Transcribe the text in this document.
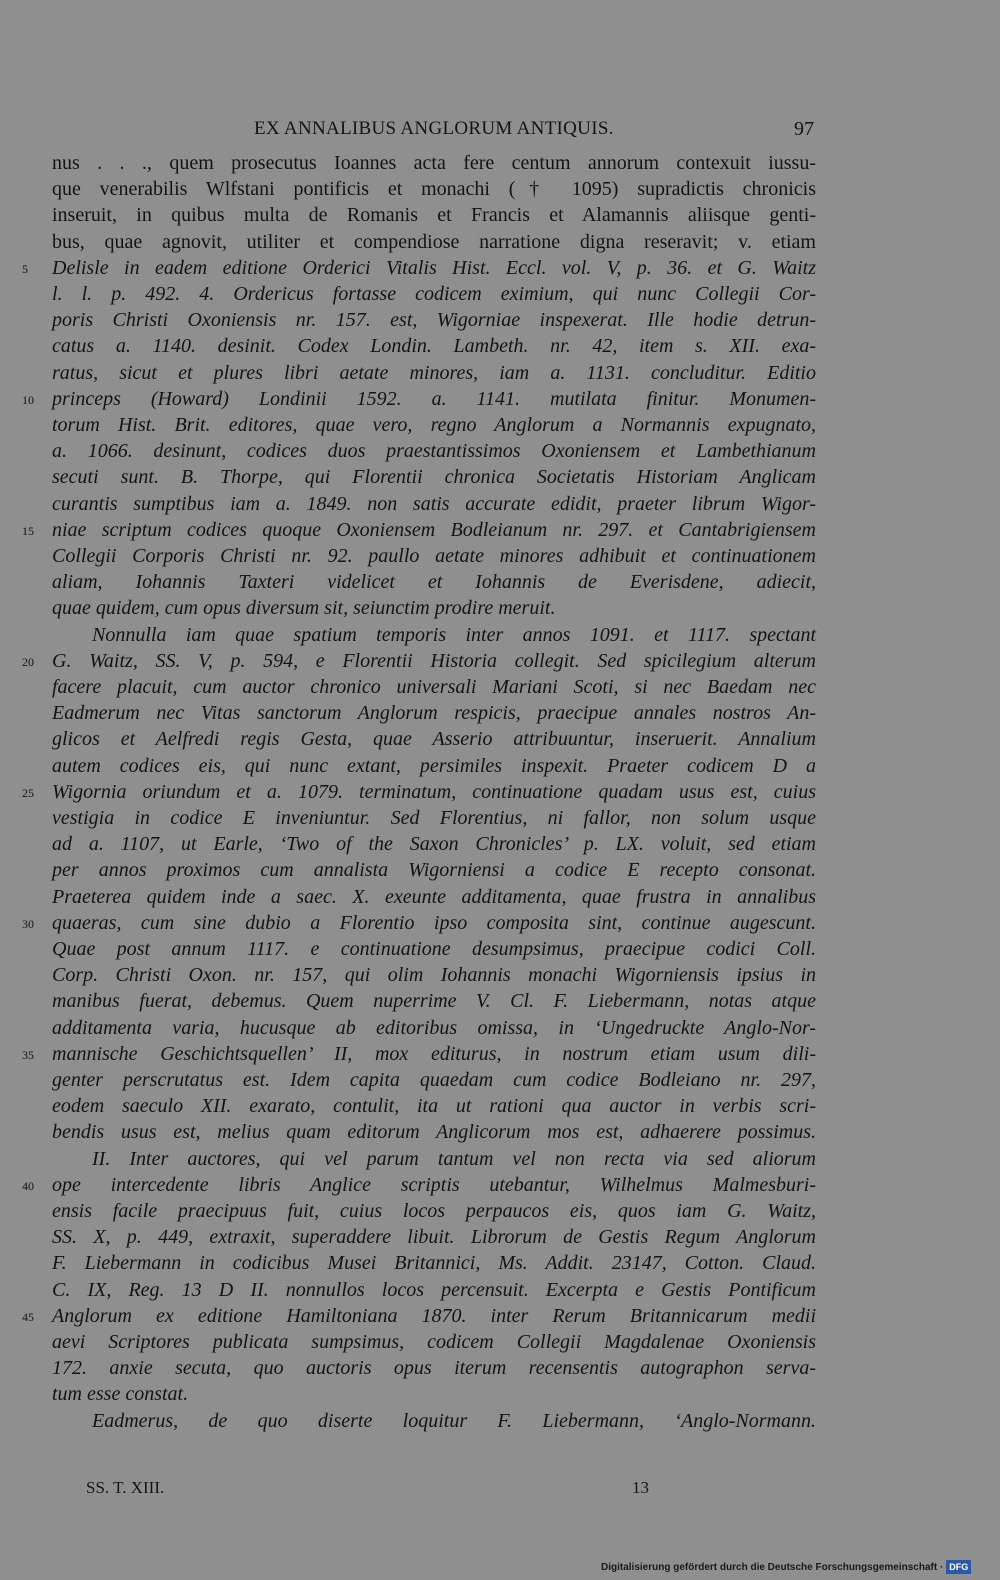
EX ANNALIBUS ANGLORUM ANTIQUIS.	97
nus . . ., quem prosecutus Ioannes acta fere centum annorum contexuit iussu-
que venerabilis Wlfstani pontificis et monachi († 1095) supradictis chronicis
inseruit, in quibus multa de Romanis et Francis et Alamannis aliisque genti-
bus, quae agnovit, utiliter et compendiose narratione digna reseravit; v. etiam
5	Delisle in eadem editione Orderici Vitalis Hist. Eccl. vol. V, p. 36. et G. Waitz
l. l. p. 492. 4. Ordericus fortasse codicem eximium, qui nunc Collegii Cor-
poris Christi Oxoniensis nr. 157. est, Wigorniae inspexerat. Ille hodie detrun-
catus a. 1140. desinit. Codex Londin. Lambeth. nr. 42, item s. XII. exa-
ratus, sicut et plures libri aetate minores, iam a. 1131. concluditur. Editio
10 princeps (Howard) Londinii 1592. a. 1141. mutilata finitur. Monumen-
torum Hist. Brit. editores, quae vero, regno Anglorum a Normannis expugnato,
a. 1066. desinunt, codices duos praestantissimos Oxoniensem et Lambethianum
secuti sunt. B. Thorpe, qui Florentii chronica Societatis Historiam Anglicam
curantis sumptibus iam a. 1849. non satis accurate edidit, praeter librum Wigor-
15 niae scriptum codices quoque Oxoniensem Bodleianum nr. 297. et Cantabrigiensem
Collegii Corporis Christi nr. 92. paullo aetate minores adhibuit et continuationem
aliam, Iohannis Taxteri videlicet et Iohannis de Everisdene, adiecit,
quae quidem, cum opus diversum sit, seiunctim prodire meruit.
Nonnulla iam quae spatium temporis inter annos 1091. et 1117. spectant
20 G. Waitz, SS. V, p. 594, e Florentii Historia collegit. Sed spicilegium alterum
facere placuit, cum auctor chronico universali Mariani Scoti, si nec Baedam nec
Eadmerum nec Vitas sanctorum Anglorum respicis, praecipue annales nostros An-
glicos et Aelfredi regis Gesta, quae Asserio attribuuntur, inseruerit. Annalium
autem codices eis, qui nunc extant, persimiles inspexit. Praeter codicem D a
25 Wigornia oriundum et a. 1079. terminatum, continuatione quadam usus est, cuius
vestigia in codice E inveniuntur. Sed Florentius, ni fallor, non solum usque
ad a. 1107, ut Earle, ‘Two of the Saxon Chronicles’ p. LX. voluit, sed etiam
per annos proximos cum annalista Wigorniensi a codice E recepto consonat.
Praeterea quidem inde a saec. X. exeunte additamenta, quae frustra in annalibus
30 quaeras, cum sine dubio a Florentio ipso composita sint, continue augescunt.
Quae post annum 1117. e continuatione desumpsimus, praecipue codici Coll.
Corp. Christi Oxon. nr. 157, qui olim Iohannis monachi Wigorniensis ipsius in
manibus fuerat, debemus. Quem nuperrime V. Cl. F. Liebermann, notas atque
additamenta varia, hucusque ab editoribus omissa, in ‘Ungedruckte Anglo-Nor-
35 mannische Geschichtsquellen’ II, mox editurus, in nostrum etiam usum dili-
genter perscrutatus est. Idem capita quaedam cum codice Bodleiano nr. 297,
eodem saeculo XII. exarato, contulit, ita ut rationi qua auctor in verbis scri-
bendis usus est, melius quam editorum Anglicorum mos est, adhaerere possimus.
II. Inter auctores, qui vel parum tantum vel non recta via sed aliorum
40 ope intercedente libris Anglice scriptis utebantur, Wilhelmus Malmesburi-
ensis facile praecipuus fuit, cuius locos perpaucos eis, quos iam G. Waitz,
SS. X, p. 449, extraxit, superaddere libuit. Librorum de Gestis Regum Anglorum
F. Liebermann in codicibus Musei Britannici, Ms. Addit. 23147, Cotton. Claud.
C. IX, Reg. 13 D II. nonnullos locos percensuit. Excerpta e Gestis Pontificum
45 Anglorum ex editione Hamiltoniana 1870. inter Rerum Britannicarum medii
aevi Scriptores publicata sumpsimus, codicem Collegii Magdalenae Oxoniensis
172. anxie secuta, quo auctoris opus iterum recensentis autographon serva-
tum esse constat.
Eadmerus, de quo diserte loquitur F. Liebermann, ‘Anglo-Normann.
SS. T. XIII.	13
Digitalisierung gefördert durch die Deutsche Forschungsgemeinschaft · DFG
